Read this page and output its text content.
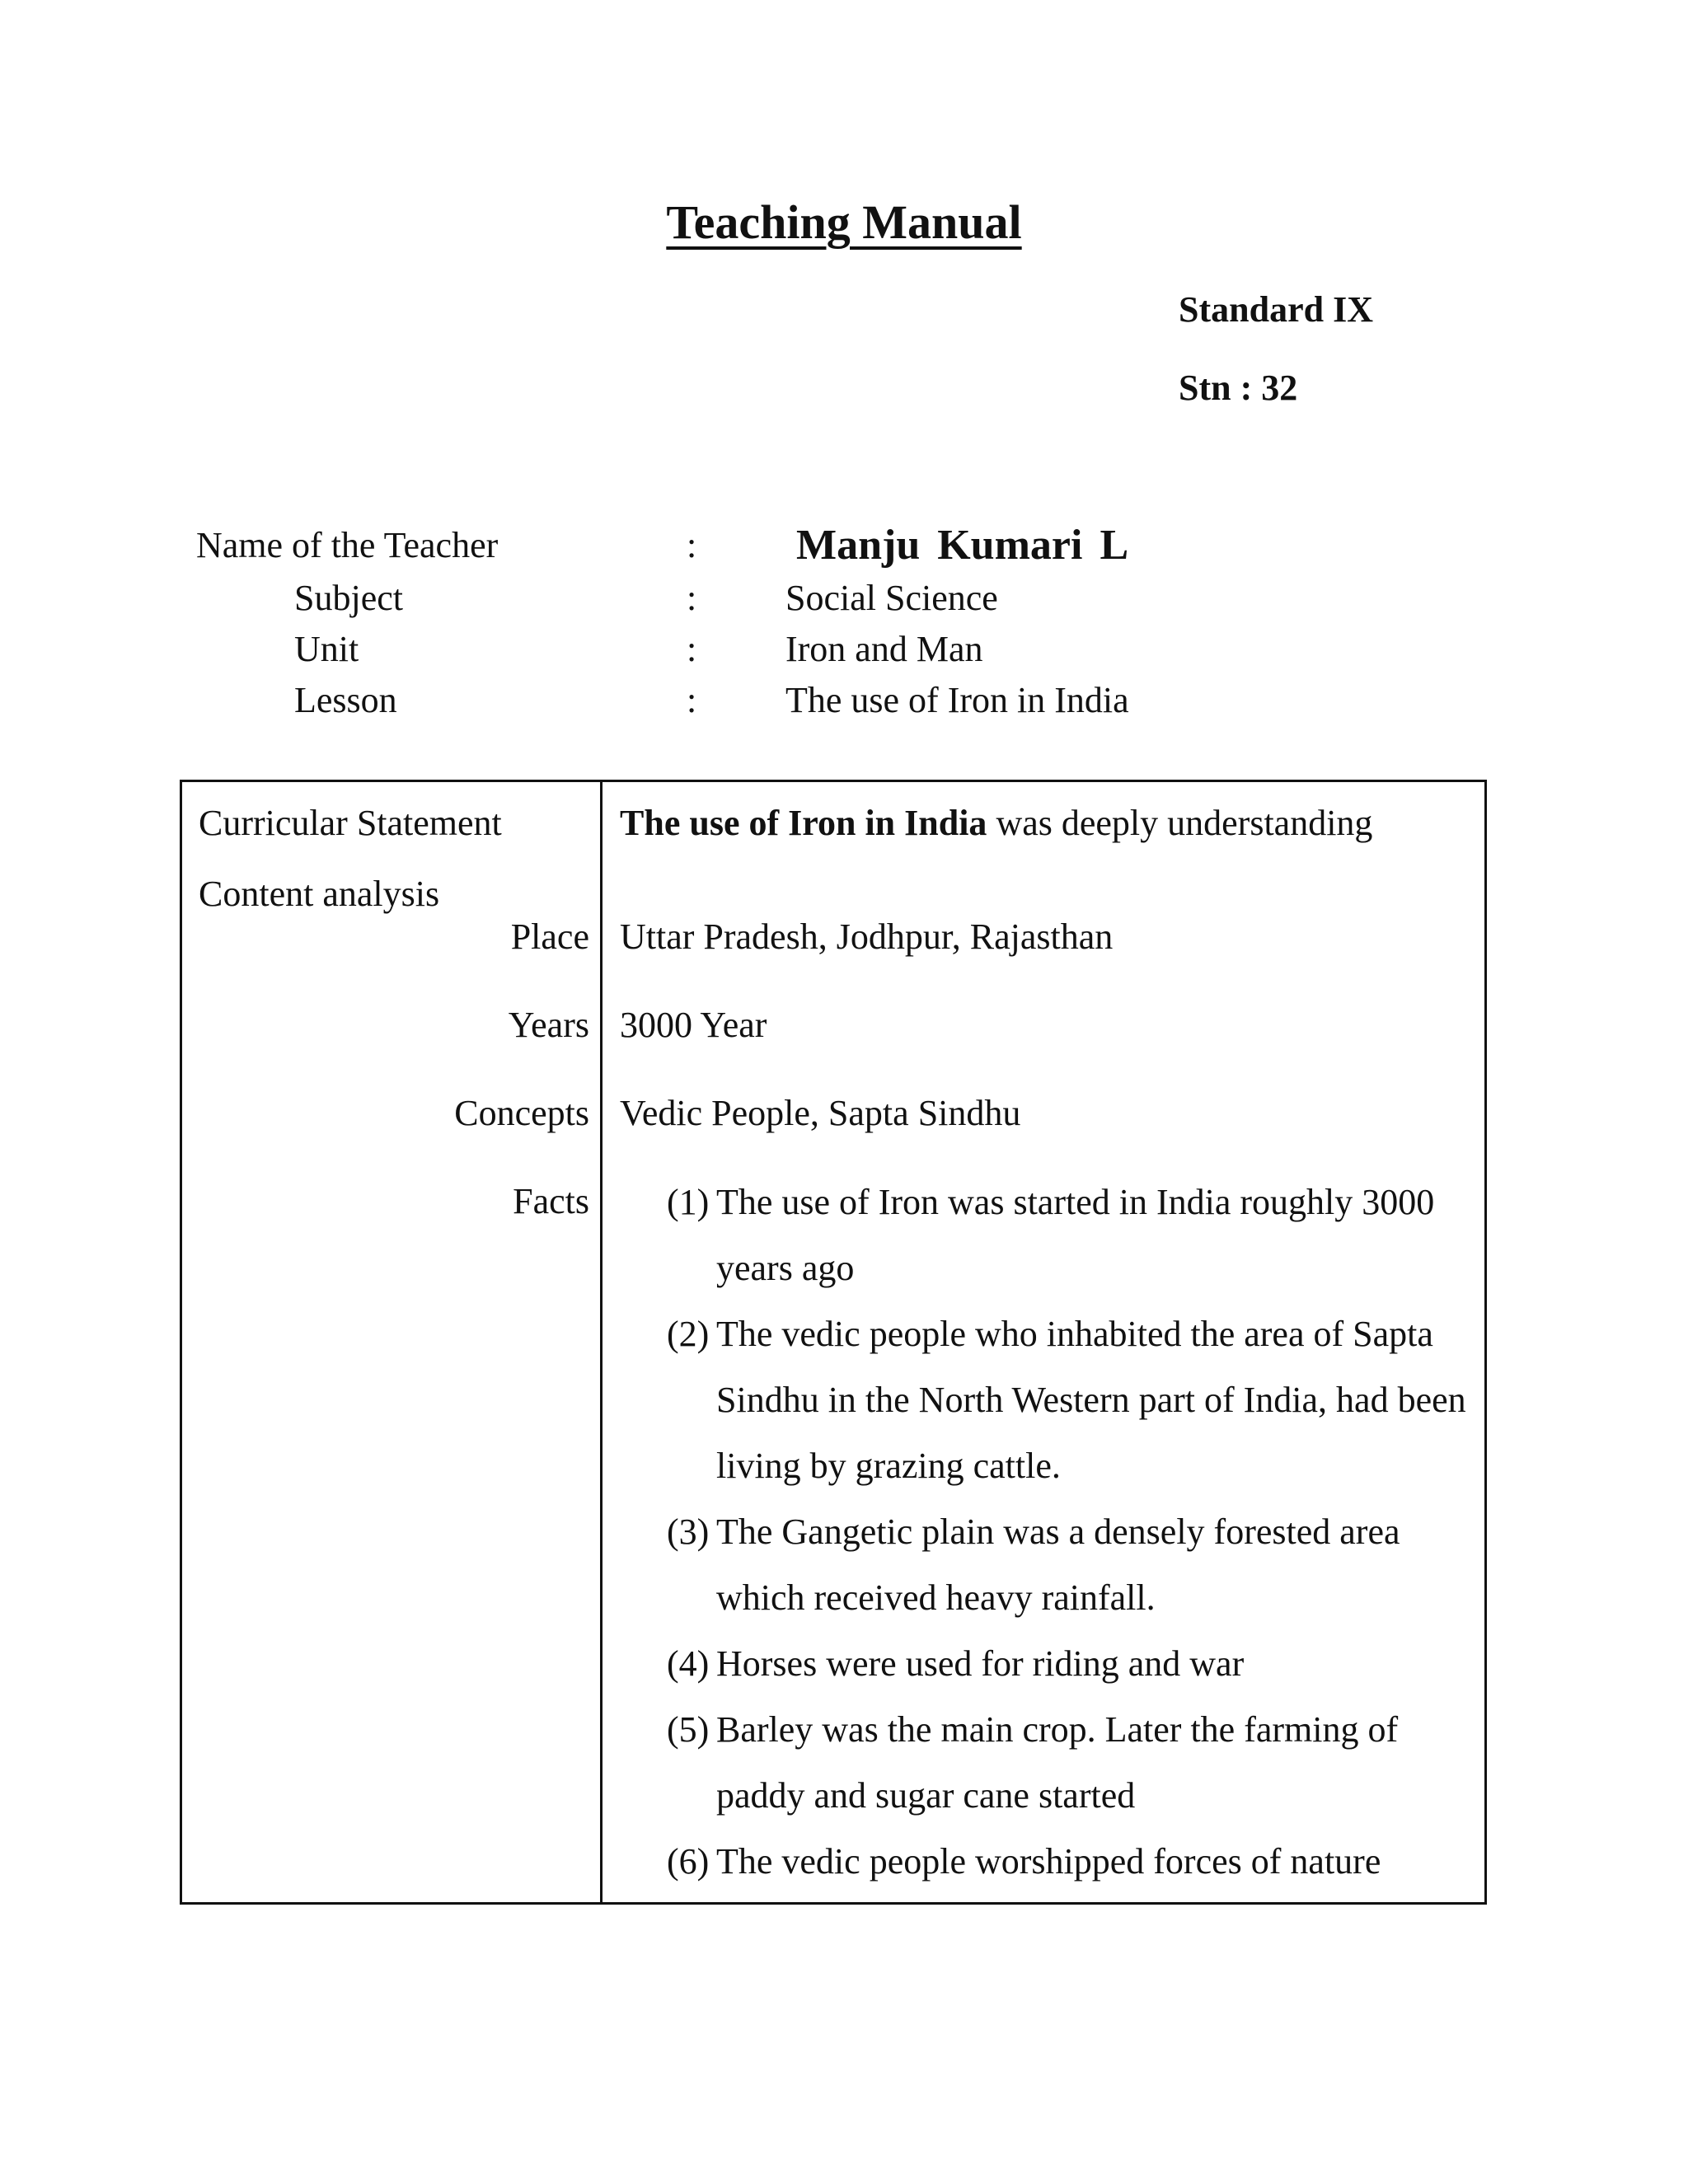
Teaching Manual
Standard IX
Stn : 32
Name of the Teacher	: Manju Kumari L
Subject	: Social Science
Unit	: Iron and Man
Lesson	: The use of Iron in India
Curricular Statement	The use of Iron in India was deeply understanding
Content analysis
Place Uttar Pradesh, Jodhpur, Rajasthan
Years 3000 Year
Concepts Vedic People, Sapta Sindhu
Facts (1) The use of Iron was started in India roughly 3000 years ago
(2) The vedic people who inhabited the area of Sapta Sindhu in the North Western part of India, had been living by grazing cattle.
(3) The Gangetic plain was a densely forested area which received heavy rainfall.
(4) Horses were used for riding and war
(5) Barley was the main crop. Later the farming of paddy and sugar cane started
(6) The vedic people worshipped forces of nature
